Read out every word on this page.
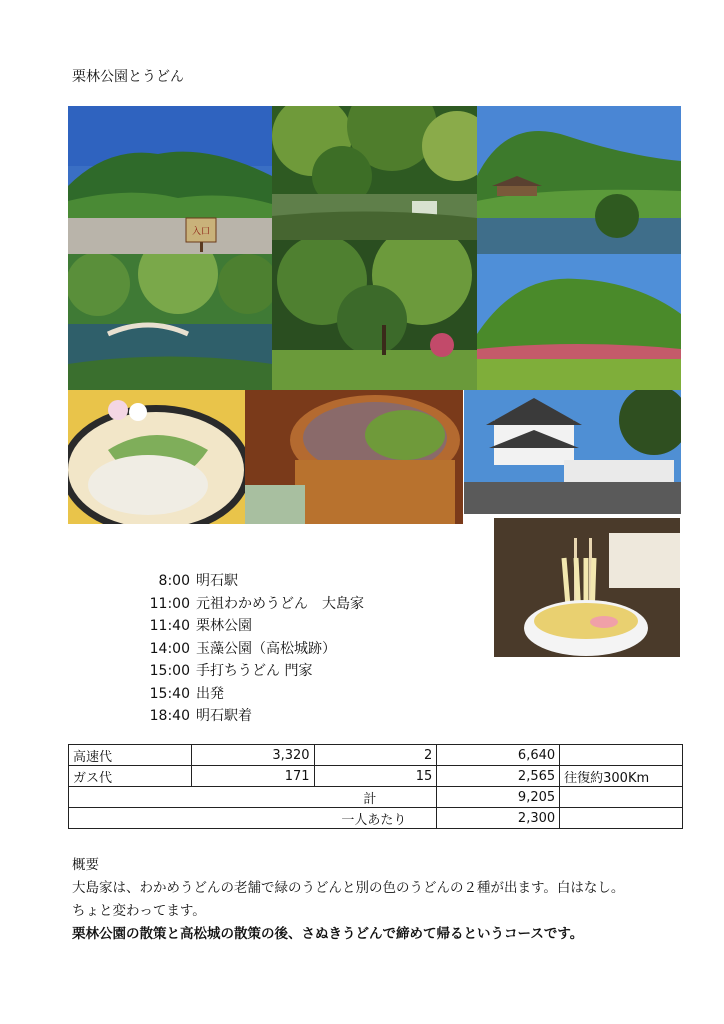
栗林公園とうどん
入口
8:00 明石駅
11:00 元祖わかめうどん　大島家
11:40 栗林公園
14:00 玉藻公園（高松城跡）
15:00 手打ちうどん 門家
15:40 出発
18:40 明石駅着
高速代	3,320	2	6,640	
ガス代	171	15	2,565	往復約300Km
計			9,205	
一人あたり			2,300	
概要
大島家は、わかめうどんの老舗で緑のうどんと別の色のうどんの２種が出ます。白はなし。
ちょと変わってます。
栗林公園の散策と高松城の散策の後、さぬきうどんで締めて帰るというコースです。
